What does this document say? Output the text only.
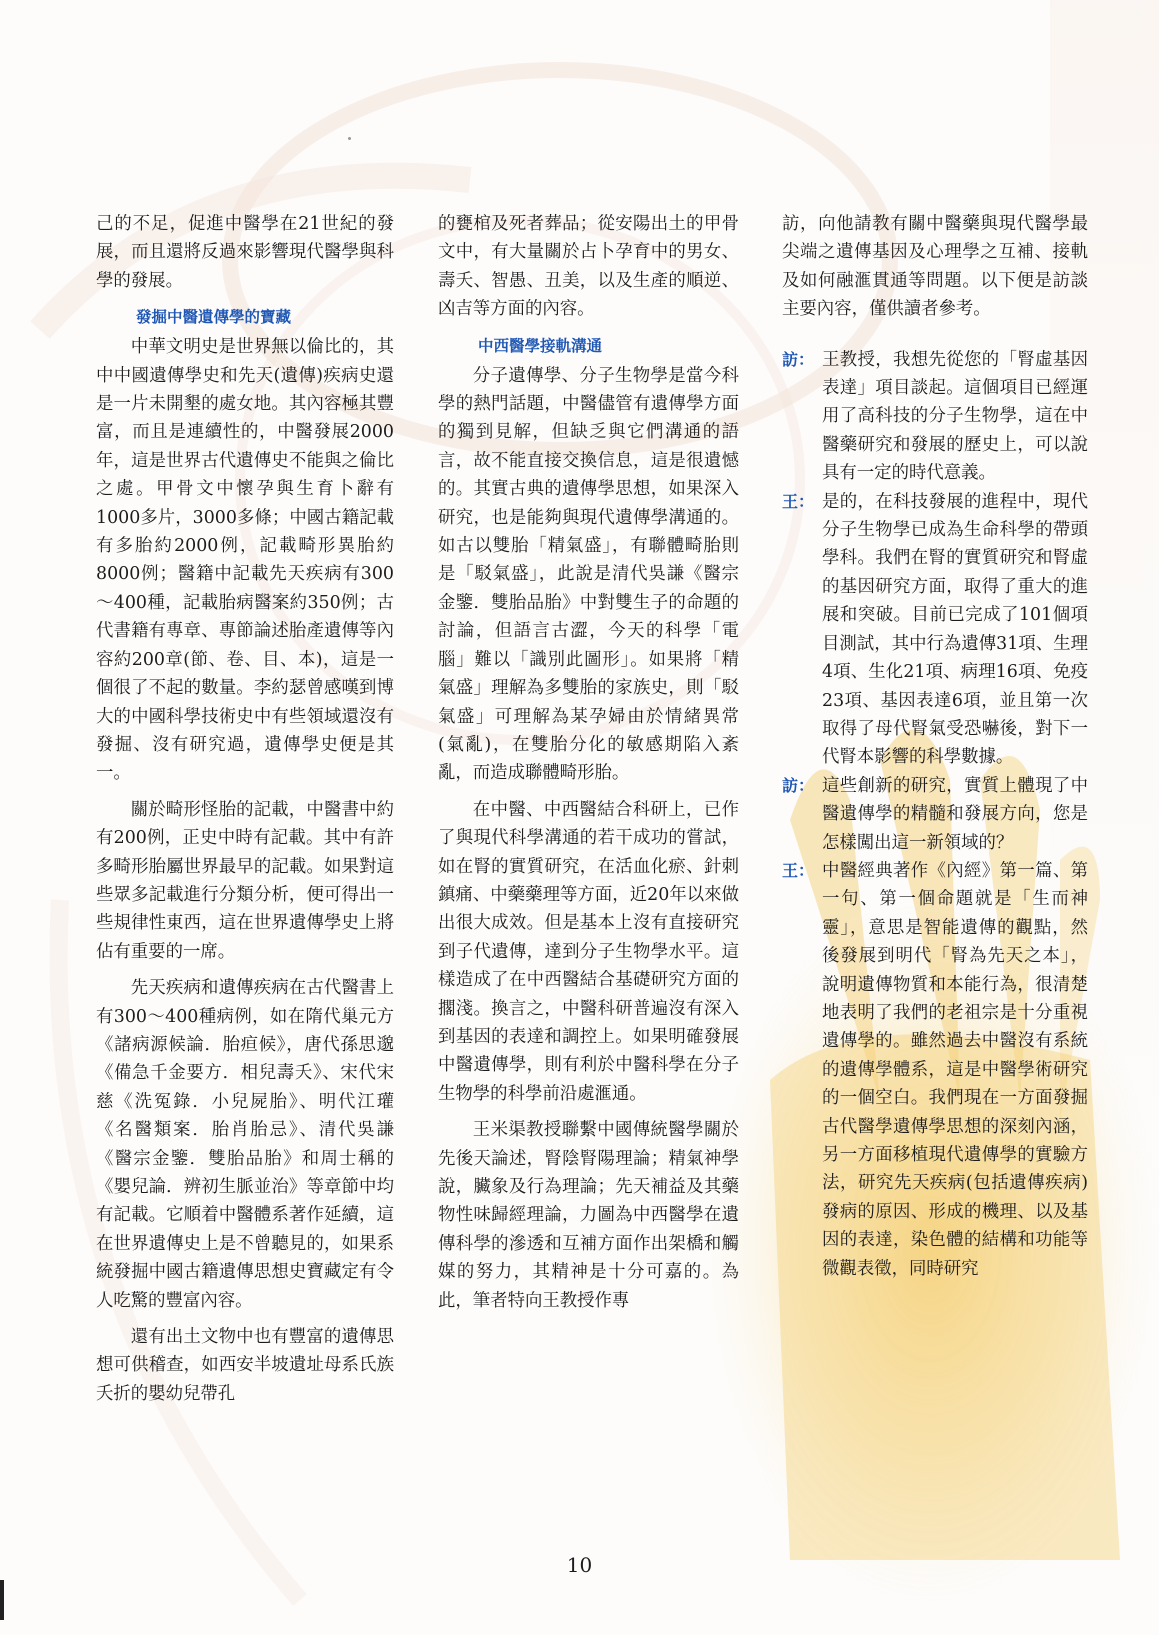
己的不足，促進中醫學在21世紀的發展，而且還將反過來影響現代醫學與科學的發展。

發掘中醫遺傳學的寶藏

中華文明史是世界無以倫比的，其中中國遺傳學史和先天(遺傳)疾病史還是一片未開墾的處女地。其內容極其豐富，而且是連續性的，中醫發展2000年，這是世界古代遺傳史不能與之倫比之處。甲骨文中懷孕與生育卜辭有1000多片，3000多條；中國古籍記載有多胎約2000例，記載畸形異胎約8000例；醫籍中記載先天疾病有300～400種，記載胎病醫案約350例；古代書籍有專章、專節論述胎產遺傳等內容約200章(節、卷、目、本)，這是一個很了不起的數量。李約瑟曾感嘆到博大的中國科學技術史中有些領域還沒有發掘、沒有研究過，遺傳學史便是其一。

關於畸形怪胎的記載，中醫書中約有200例，正史中時有記載。其中有許多畸形胎屬世界最早的記載。如果對這些眾多記載進行分類分析，便可得出一些規律性東西，這在世界遺傳學史上將佔有重要的一席。

先天疾病和遺傳疾病在古代醫書上有300～400種病例，如在隋代巢元方《諸病源候論．胎疸候》，唐代孫思邈《備急千金要方．相兒壽夭》、宋代宋慈《洗冤錄．小兒屍胎》、明代江瓘《名醫類案．胎肖胎忌》、清代吳謙《醫宗金鑒．雙胎品胎》和周士稱的《嬰兒論．辨初生脈並治》等章節中均有記載。它順着中醫體系著作延續，這在世界遺傳史上是不曾聽見的，如果系統發掘中國古籍遺傳思想史寶藏定有令人吃驚的豐富內容。

還有出土文物中也有豐富的遺傳思想可供稽查，如西安半坡遺址母系氏族夭折的嬰幼兒帶孔

的甕棺及死者葬品；從安陽出土的甲骨文中，有大量關於占卜孕育中的男女、壽夭、智愚、丑美，以及生產的順逆、凶吉等方面的內容。

中西醫學接軌溝通

分子遺傳學、分子生物學是當今科學的熱門話題，中醫儘管有遺傳學方面的獨到見解，但缺乏與它們溝通的語言，故不能直接交換信息，這是很遺憾的。其實古典的遺傳學思想，如果深入研究，也是能夠與現代遺傳學溝通的。如古以雙胎「精氣盛」，有聯體畸胎則是「駁氣盛」，此說是清代吳謙《醫宗金鑒．雙胎品胎》中對雙生子的命題的討論，但語言古澀，今天的科學「電腦」難以「識別此圖形」。如果將「精氣盛」理解為多雙胎的家族史，則「駁氣盛」可理解為某孕婦由於情緒異常(氣亂)，在雙胎分化的敏感期陷入紊亂，而造成聯體畸形胎。

在中醫、中西醫結合科研上，已作了與現代科學溝通的若干成功的嘗試，如在腎的實質研究，在活血化瘀、針刺鎮痛、中藥藥理等方面，近20年以來做出很大成效。但是基本上沒有直接研究到子代遺傳，達到分子生物學水平。這樣造成了在中西醫結合基礎研究方面的擱淺。換言之，中醫科研普遍沒有深入到基因的表達和調控上。如果明確發展中醫遺傳學，則有利於中醫科學在分子生物學的科學前沿處滙通。

王米渠教授聯繫中國傳統醫學關於先後天論述，腎陰腎陽理論；精氣神學說，臟象及行為理論；先天補益及其藥物性味歸經理論，力圖為中西醫學在遺傳科學的滲透和互補方面作出架橋和觸媒的努力，其精神是十分可嘉的。為此，筆者特向王教授作專

訪，向他請教有關中醫藥與現代醫學最尖端之遺傳基因及心理學之互補、接軌及如何融滙貫通等問題。以下便是訪談主要內容，僅供讀者參考。

訪： 王教授，我想先從您的「腎虛基因表達」項目談起。這個項目已經運用了高科技的分子生物學，這在中醫藥研究和發展的歷史上，可以說具有一定的時代意義。
王： 是的，在科技發展的進程中，現代分子生物學已成為生命科學的帶頭學科。我們在腎的實質研究和腎虛的基因研究方面，取得了重大的進展和突破。目前已完成了101個項目測試，其中行為遺傳31項、生理4項、生化21項、病理16項、免疫23項、基因表達6項，並且第一次取得了母代腎氣受恐嚇後，對下一代腎本影響的科學數據。
訪： 這些創新的研究，實質上體現了中醫遺傳學的精髓和發展方向，您是怎樣闖出這一新領域的？
王： 中醫經典著作《內經》第一篇、第一句、第一個命題就是「生而神靈」，意思是智能遺傳的觀點，然後發展到明代「腎為先天之本」，說明遺傳物質和本能行為，很清楚地表明了我們的老祖宗是十分重視遺傳學的。雖然過去中醫沒有系統的遺傳學體系，這是中醫學術研究的一個空白。我們現在一方面發掘古代醫學遺傳學思想的深刻內涵，另一方面移植現代遺傳學的實驗方法，研究先天疾病(包括遺傳疾病)發病的原因、形成的機理、以及基因的表達，染色體的結構和功能等微觀表徵，同時研究
10
